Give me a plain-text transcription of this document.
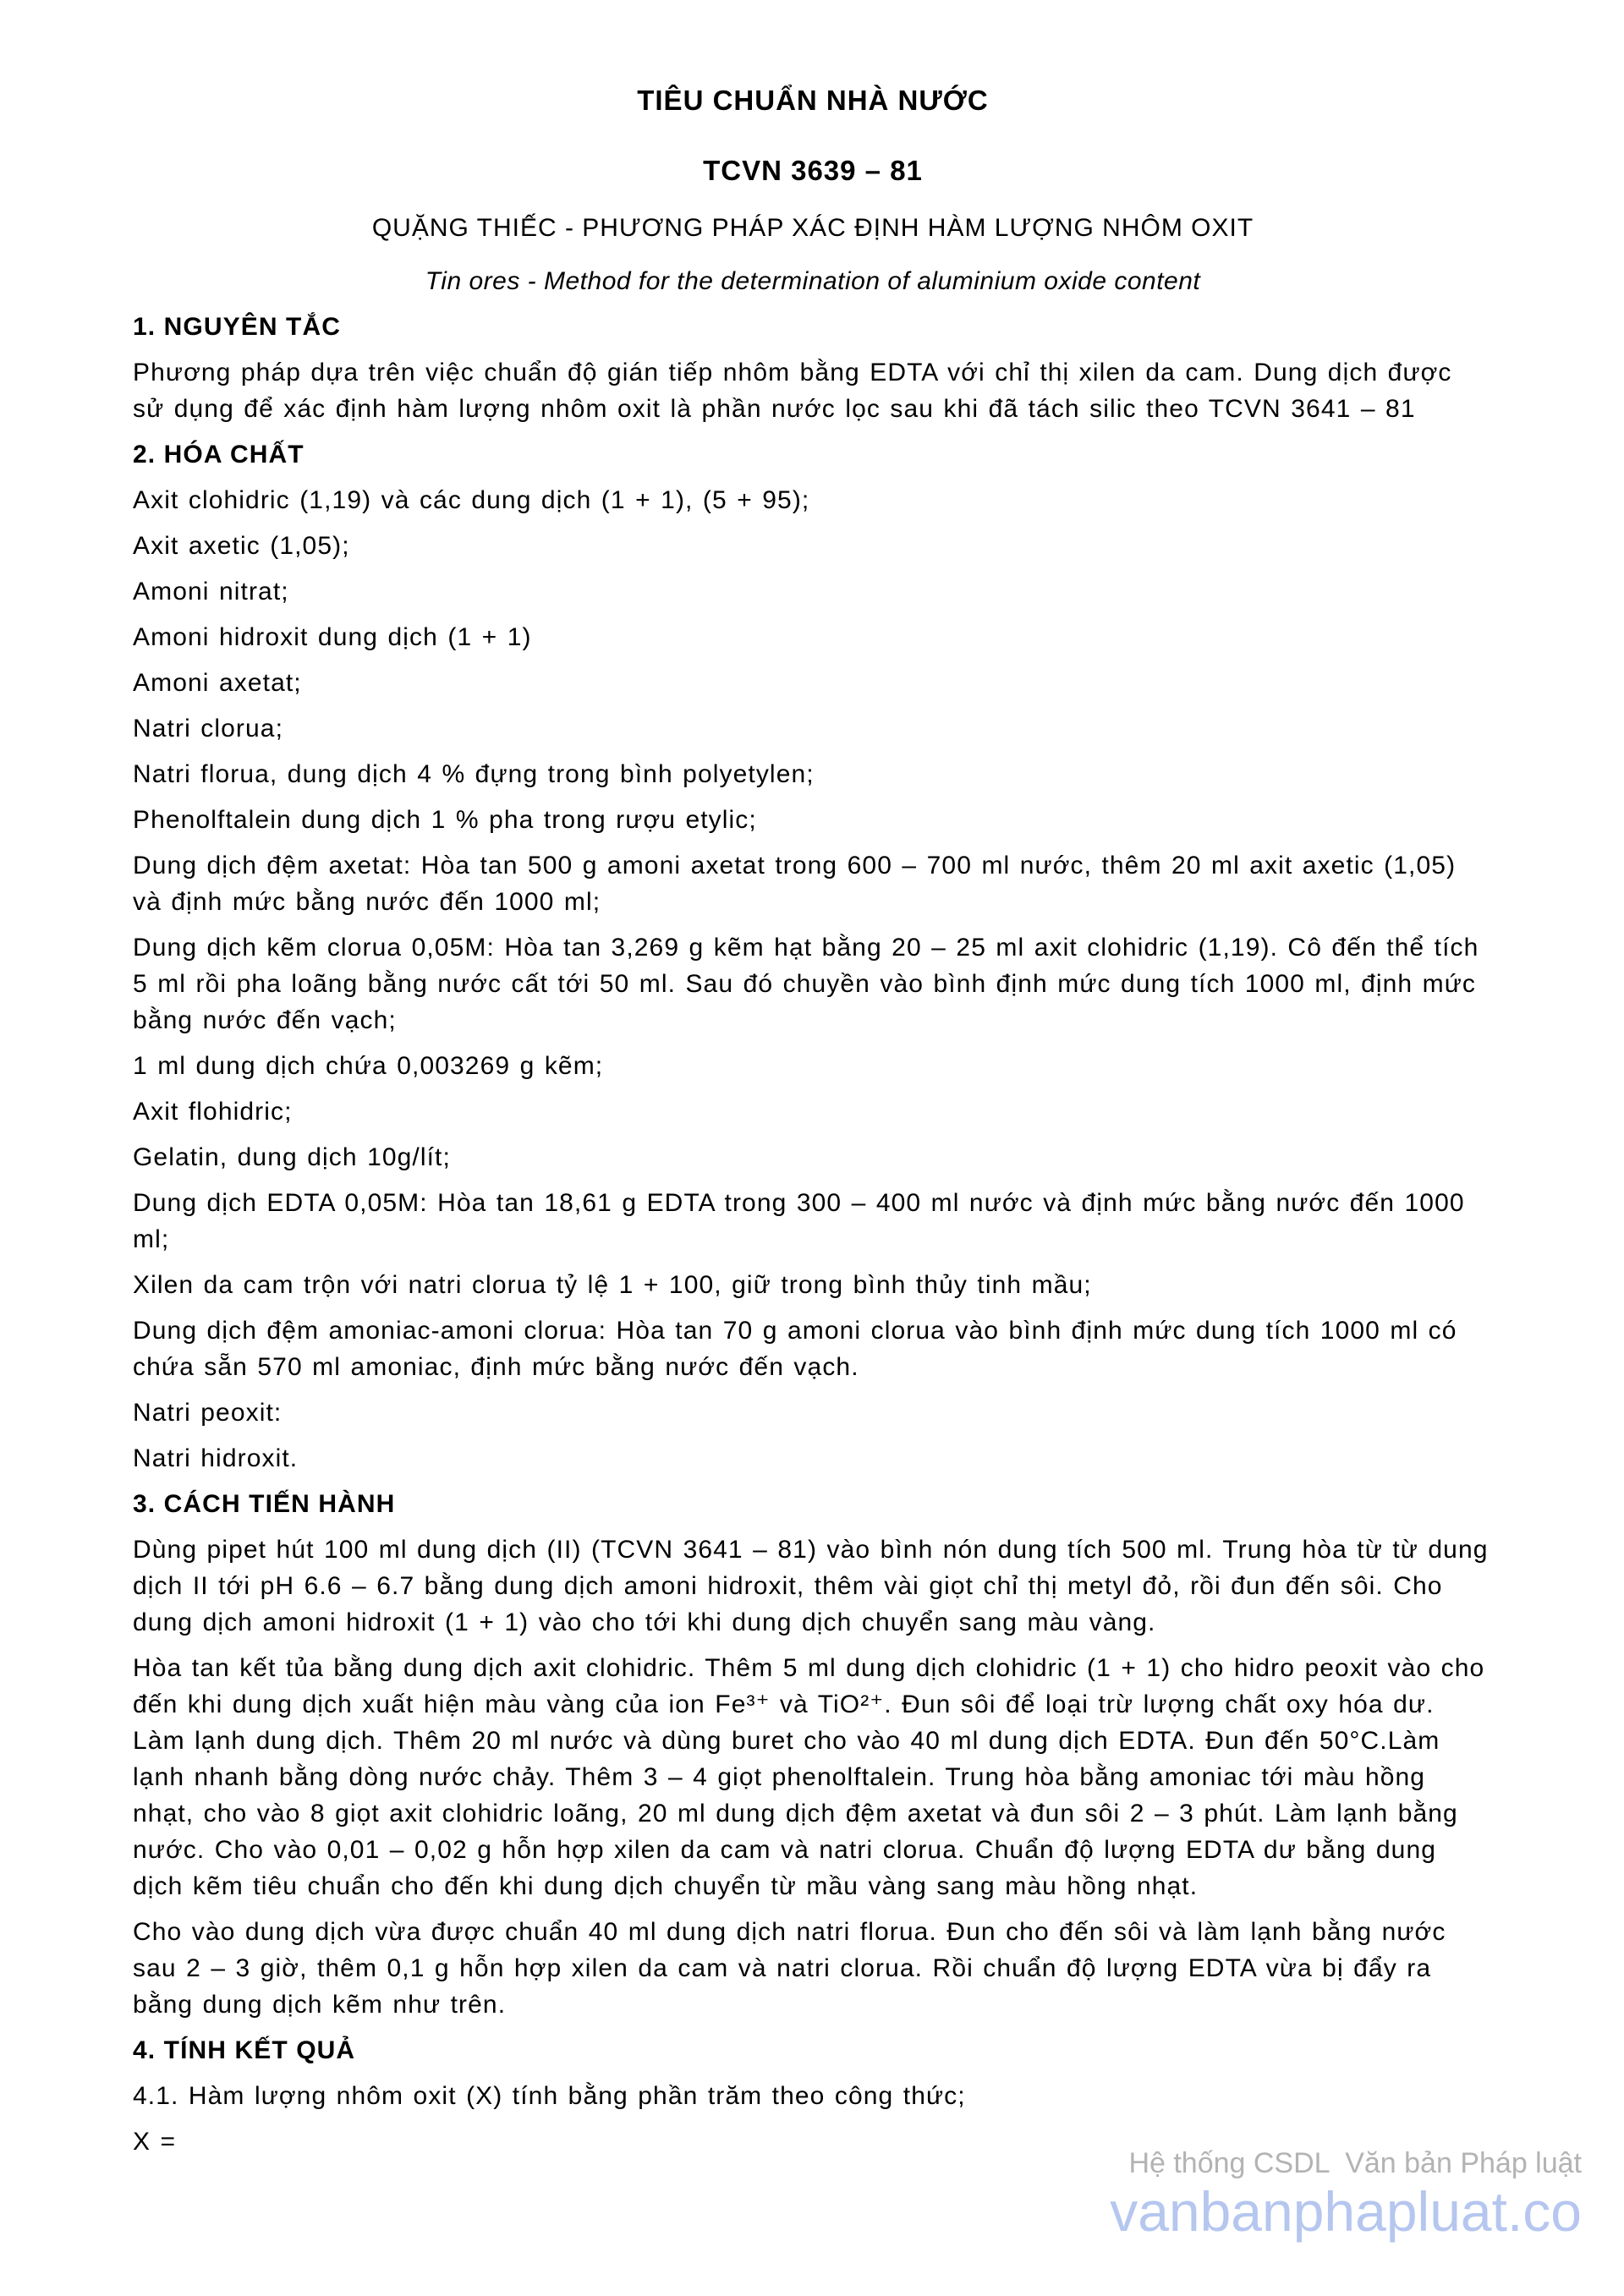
TIÊU CHUẨN NHÀ NƯỚC
TCVN 3639 – 81
QUẶNG THIẾC - PHƯƠNG PHÁP XÁC ĐỊNH HÀM LƯỢNG NHÔM OXIT
Tin ores - Method for the determination of aluminium oxide content
1. NGUYÊN TẮC

Phương pháp dựa trên việc chuẩn độ gián tiếp nhôm bằng EDTA với chỉ thị xilen da cam. Dung dịch được sử dụng để xác định hàm lượng nhôm oxit là phần nước lọc sau khi đã tách silic theo TCVN 3641 – 81

2. HÓA CHẤT

Axit clohidric (1,19) và các dung dịch (1 + 1), (5 + 95);

Axit axetic (1,05);

Amoni nitrat;

Amoni hidroxit dung dịch (1 + 1)

Amoni axetat;

Natri clorua;

Natri florua, dung dịch 4 % đựng trong bình polyetylen;

Phenolftalein dung dịch 1 % pha trong rượu etylic;

Dung dịch đệm axetat: Hòa tan 500 g amoni axetat trong 600 – 700 ml nước, thêm 20 ml axit axetic (1,05) và định mức bằng nước đến 1000 ml;

Dung dịch kẽm clorua 0,05M: Hòa tan 3,269 g kẽm hạt bằng 20 – 25 ml axit clohidric (1,19). Cô đến thể tích 5 ml rồi pha loãng bằng nước cất tới 50 ml. Sau đó chuyền vào bình định mức dung tích 1000 ml, định mức bằng nước đến vạch;

1 ml dung dịch chứa 0,003269 g kẽm;

Axit flohidric;

Gelatin, dung dịch 10g/lít;

Dung dịch EDTA 0,05M: Hòa tan 18,61 g EDTA trong 300 – 400 ml nước và định mức bằng nước đến 1000 ml;

Xilen da cam trộn với natri clorua tỷ lệ 1 + 100, giữ trong bình thủy tinh mầu;

Dung dịch đệm amoniac-amoni clorua: Hòa tan 70 g amoni clorua vào bình định mức dung tích 1000 ml có chứa sẵn 570 ml amoniac, định mức bằng nước đến vạch.

Natri peoxit:

Natri hidroxit.

3. CÁCH TIẾN HÀNH

Dùng pipet hút 100 ml dung dịch (II) (TCVN 3641 – 81) vào bình nón dung tích 500 ml. Trung hòa từ từ dung dịch II tới pH 6.6 – 6.7 bằng dung dịch amoni hidroxit, thêm vài giọt chỉ thị metyl đỏ, rồi đun đến sôi. Cho dung dịch amoni hidroxit (1 + 1) vào cho tới khi dung dịch chuyển sang màu vàng.

Hòa tan kết tủa bằng dung dịch axit clohidric. Thêm 5 ml dung dịch clohidric (1 + 1) cho hidro peoxit vào cho đến khi dung dịch xuất hiện màu vàng của ion Fe³⁺ và TiO²⁺. Đun sôi để loại trừ lượng chất oxy hóa dư. Làm lạnh dung dịch. Thêm 20 ml nước và dùng buret cho vào 40 ml dung dịch EDTA. Đun đến 50°C.Làm lạnh nhanh bằng dòng nước chảy. Thêm 3 – 4 giọt phenolftalein. Trung hòa bằng amoniac tới màu hồng nhạt, cho vào 8 giọt axit clohidric loãng, 20 ml dung dịch đệm axetat và đun sôi 2 – 3 phút. Làm lạnh bằng nước. Cho vào 0,01 – 0,02 g hỗn hợp xilen da cam và natri clorua. Chuẩn độ lượng EDTA dư bằng dung dịch kẽm tiêu chuẩn cho đến khi dung dịch chuyển từ mầu vàng sang màu hồng nhạt.

Cho vào dung dịch vừa được chuẩn 40 ml dung dịch natri florua. Đun cho đến sôi và làm lạnh bằng nước sau 2 – 3 giờ, thêm 0,1 g hỗn hợp xilen da cam và natri clorua. Rồi chuẩn độ lượng EDTA vừa bị đẩy ra bằng dung dịch kẽm như trên.

4. TÍNH KẾT QUẢ

4.1. Hàm lượng nhôm oxit (X) tính bằng phần trăm theo công thức;

X =

Hệ thống CSDL  Văn bản Pháp luật
vanbanphapluat.co
